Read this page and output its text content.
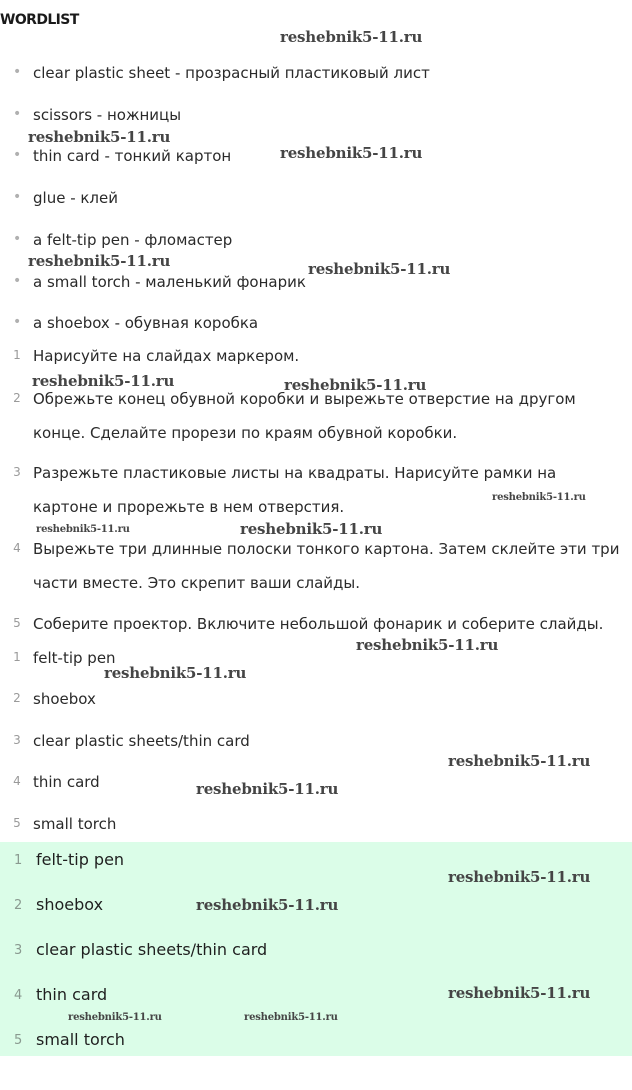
WORDLIST
• clear plastic sheet - прозрасный пластиковый лист
• scissors - ножницы
• thin card - тонкий картон
• glue - клей
• a felt-tip pen - фломастер
• a small torch - маленький фонарик
• a shoebox - обувная коробка
1 Нарисуйте на слайдах маркером.
2 Обрежьте конец обувной коробки и вырежьте отверстие на другом конце. Сделайте прорези по краям обувной коробки.
3 Разрежьте пластиковые листы на квадраты. Нарисуйте рамки на картоне и прорежьте в нем отверстия.
4 Вырежьте три длинные полоски тонкого картона. Затем склейте эти три части вместе. Это скрепит ваши слайды.
5 Соберите проектор. Включите небольшой фонарик и соберите слайды.
1 felt-tip pen
2 shoebox
3 clear plastic sheets/thin card
4 thin card
5 small torch
1 felt-tip pen
2 shoebox
3 clear plastic sheets/thin card
4 thin card
5 small torch
reshebnik5-11.ru
reshebnik5-11.ru
reshebnik5-11.ru
reshebnik5-11.ru	reshebnik5-11.ru
reshebnik5-11.ru	reshebnik5-11.ru
reshebnik5-11.ru
reshebnik5-11.ru	reshebnik5-11.ru
reshebnik5-11.ru
reshebnik5-11.ru
reshebnik5-11.ru
reshebnik5-11.ru
reshebnik5-11.ru
reshebnik5-11.ru
reshebnik5-11.ru
reshebnik5-11.ru	reshebnik5-11.ru
